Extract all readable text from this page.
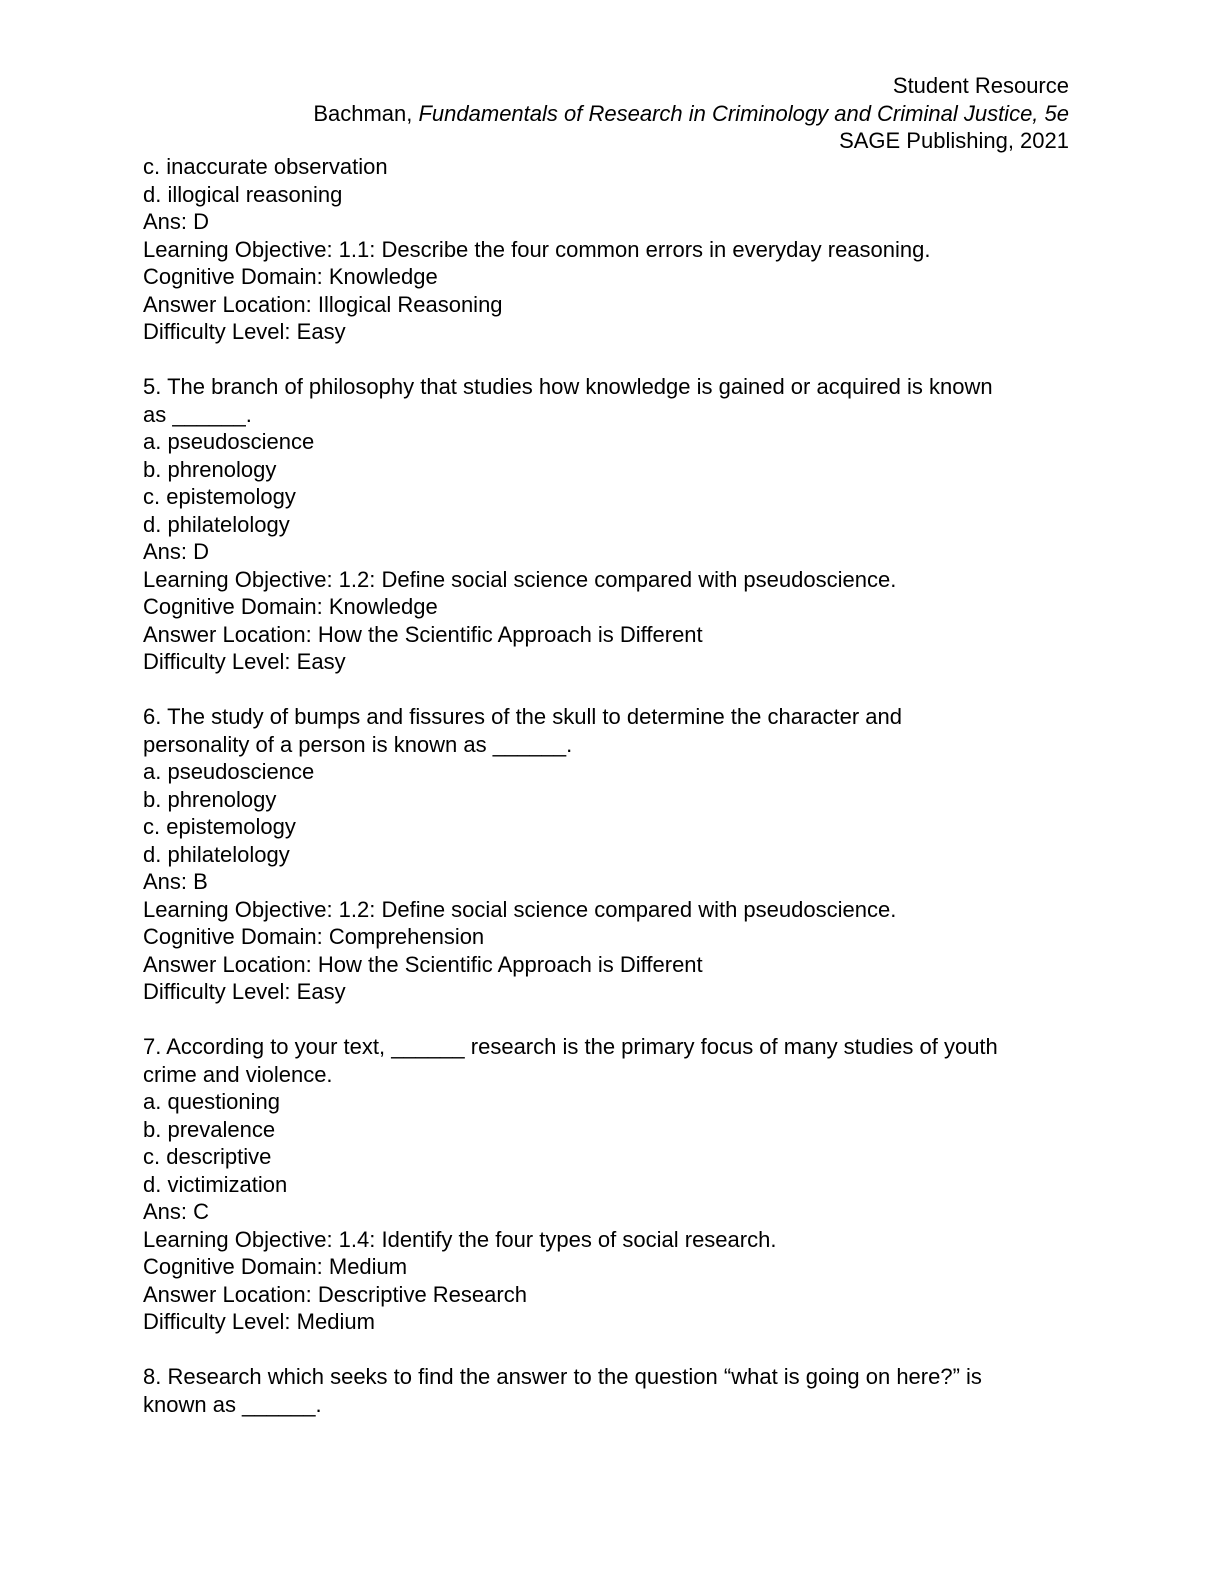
Student Resource
Bachman, Fundamentals of Research in Criminology and Criminal Justice, 5e
SAGE Publishing, 2021
c. inaccurate observation
d. illogical reasoning
Ans: D
Learning Objective: 1.1: Describe the four common errors in everyday reasoning.
Cognitive Domain: Knowledge
Answer Location: Illogical Reasoning
Difficulty Level: Easy
5. The branch of philosophy that studies how knowledge is gained or acquired is known
as ______.
a. pseudoscience
b. phrenology
c. epistemology
d. philatelology
Ans: D
Learning Objective: 1.2: Define social science compared with pseudoscience.
Cognitive Domain: Knowledge
Answer Location: How the Scientific Approach is Different
Difficulty Level: Easy
6. The study of bumps and fissures of the skull to determine the character and
personality of a person is known as ______.
a. pseudoscience
b. phrenology
c. epistemology
d. philatelology
Ans: B
Learning Objective: 1.2: Define social science compared with pseudoscience.
Cognitive Domain: Comprehension
Answer Location: How the Scientific Approach is Different
Difficulty Level: Easy
7. According to your text, ______ research is the primary focus of many studies of youth
crime and violence.
a. questioning
b. prevalence
c. descriptive
d. victimization
Ans: C
Learning Objective: 1.4: Identify the four types of social research.
Cognitive Domain: Medium
Answer Location: Descriptive Research
Difficulty Level: Medium
8. Research which seeks to find the answer to the question “what is going on here?” is
known as ______.
